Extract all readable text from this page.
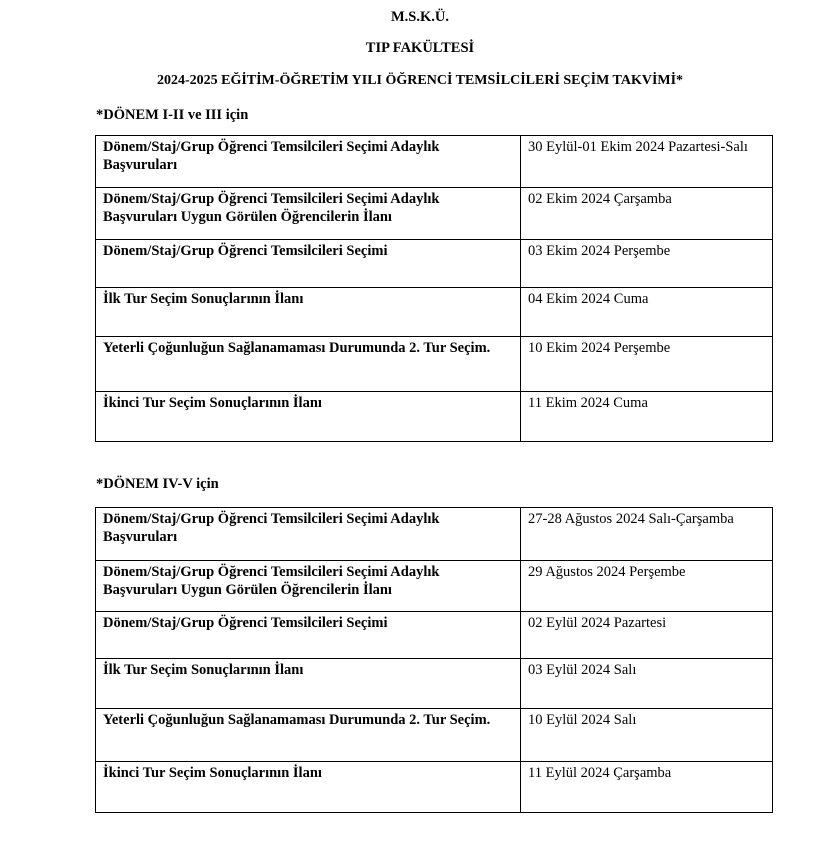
M.S.K.Ü.
TIP FAKÜLTESİ
2024-2025 EĞİTİM-ÖĞRETİM YILI ÖĞRENCİ TEMSİLCİLERİ SEÇİM TAKVİMİ*
*DÖNEM I-II ve III için
Dönem/Staj/Grup Öğrenci Temsilcileri Seçimi Adaylık Başvuruları	30 Eylül-01 Ekim 2024 Pazartesi-Salı
Dönem/Staj/Grup Öğrenci Temsilcileri Seçimi Adaylık Başvuruları Uygun Görülen Öğrencilerin İlanı	02 Ekim 2024 Çarşamba
Dönem/Staj/Grup Öğrenci Temsilcileri Seçimi	03 Ekim 2024 Perşembe
İlk Tur Seçim Sonuçlarının İlanı	04 Ekim 2024 Cuma
Yeterli Çoğunluğun Sağlanamaması Durumunda 2. Tur Seçim.	10 Ekim 2024 Perşembe
İkinci Tur Seçim Sonuçlarının İlanı	11 Ekim 2024 Cuma
*DÖNEM IV-V için
Dönem/Staj/Grup Öğrenci Temsilcileri Seçimi Adaylık Başvuruları	27-28 Ağustos 2024 Salı-Çarşamba
Dönem/Staj/Grup Öğrenci Temsilcileri Seçimi Adaylık Başvuruları Uygun Görülen Öğrencilerin İlanı	29 Ağustos 2024 Perşembe
Dönem/Staj/Grup Öğrenci Temsilcileri Seçimi	02 Eylül 2024 Pazartesi
İlk Tur Seçim Sonuçlarının İlanı	03 Eylül 2024 Salı
Yeterli Çoğunluğun Sağlanamaması Durumunda 2. Tur Seçim.	10 Eylül 2024 Salı
İkinci Tur Seçim Sonuçlarının İlanı	11 Eylül 2024 Çarşamba
